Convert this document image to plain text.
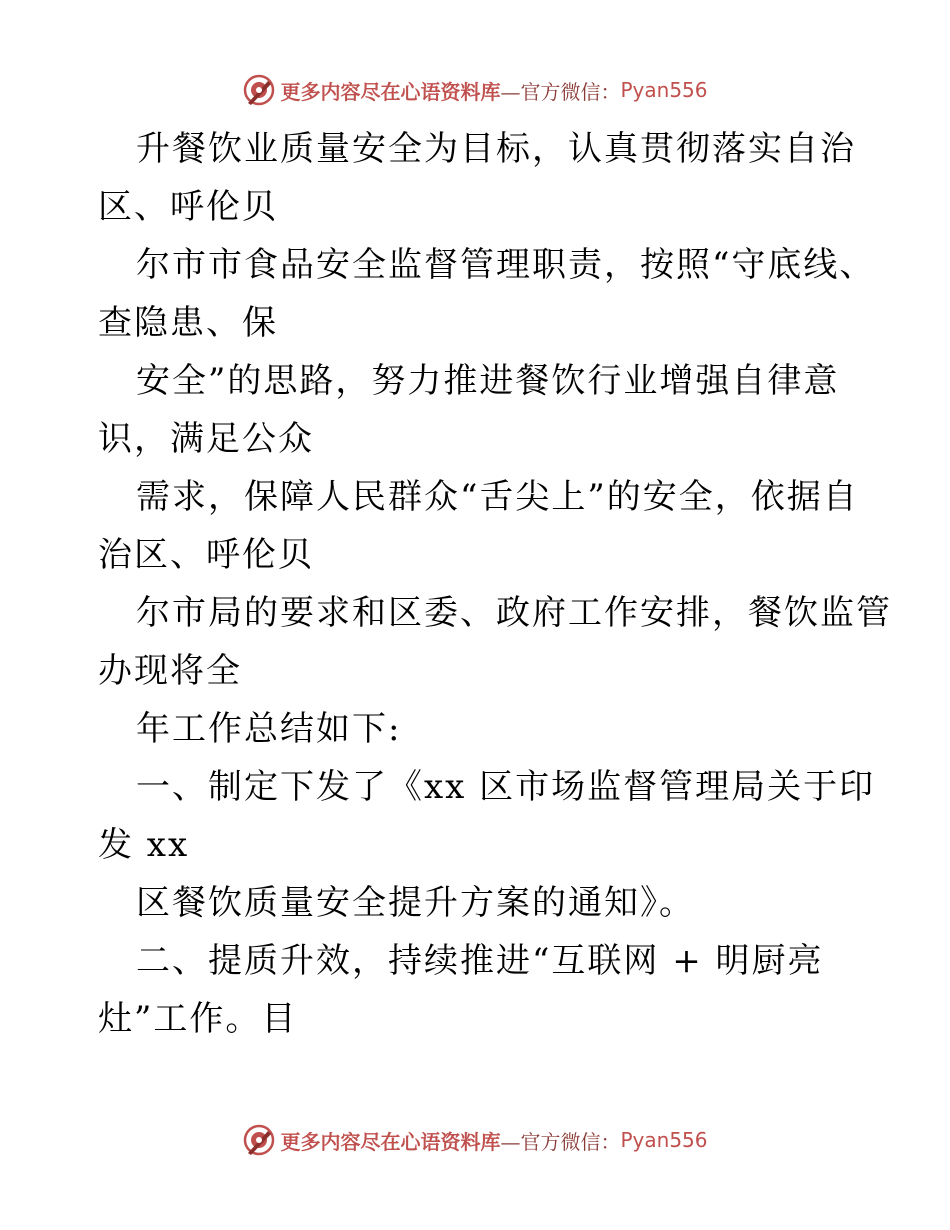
更多内容尽在心语资料库 —官方微信： Pyan556
升餐饮业质量安全为目标，认真贯彻落实自治
区、呼伦贝
尔市市食品安全监督管理职责，按照“守底线、
查隐患、保
安全”的思路，努力推进餐饮行业增强自律意
识，满足公众
需求，保障人民群众“舌尖上”的安全，依据自
治区、呼伦贝
尔市局的要求和区委、政府工作安排，餐饮监管
办现将全
年工作总结如下:
一、制定下发了《xx 区市场监督管理局关于印
发 xx
区餐饮质量安全提升方案的通知》。
二、提质升效，持续推进“互联网 + 明厨亮
灶”工作。目
更多内容尽在心语资料库 —官方微信： Pyan556
